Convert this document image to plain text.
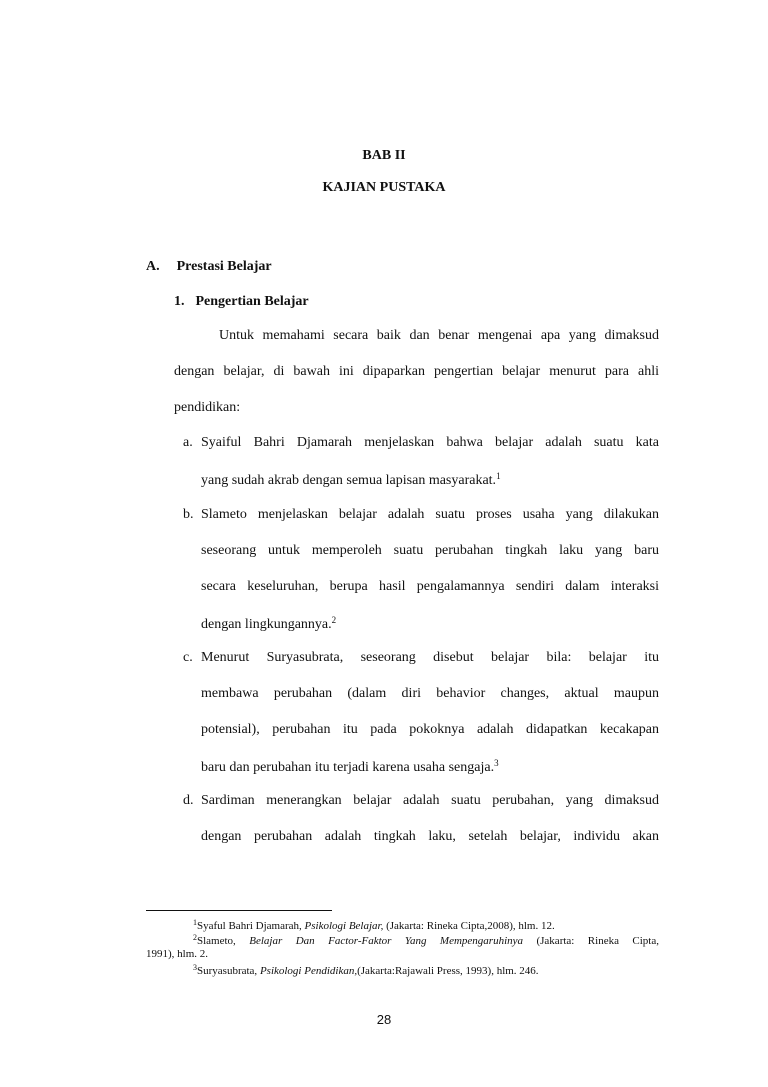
BAB II
KAJIAN PUSTAKA
A. Prestasi Belajar
1. Pengertian Belajar
Untuk memahami secara baik dan benar mengenai apa yang dimaksud
dengan belajar, di bawah ini dipaparkan pengertian belajar menurut para ahli
pendidikan:
a. Syaiful Bahri Djamarah menjelaskan bahwa belajar adalah suatu kata
yang sudah akrab dengan semua lapisan masyarakat.$^1$
b. Slameto menjelaskan belajar adalah suatu proses usaha yang dilakukan
seseorang untuk memperoleh suatu perubahan tingkah laku yang baru
secara keseluruhan, berupa hasil pengalamannya sendiri dalam interaksi
dengan lingkungannya.$^2$
c. Menurut Suryasubrata, seseorang disebut belajar bila: belajar itu
membawa perubahan (dalam diri behavior changes, aktual maupun
potensial), perubahan itu pada pokoknya adalah didapatkan kecakapan
baru dan perubahan itu terjadi karena usaha sengaja.$^3$
d. Sardiman menerangkan belajar adalah suatu perubahan, yang dimaksud
dengan perubahan adalah tingkah laku, setelah belajar, individu akan
$^1$Syaful Bahri Djamarah, Psikologi Belajar, (Jakarta: Rineka Cipta,2008), hlm. 12.
$^2$Slameto, Belajar Dan Factor-Faktor Yang Mempengaruhinya (Jakarta: Rineka Cipta,
1991), hlm. 2.
$^3$Suryasubrata, Psikologi Pendidikan,(Jakarta:Rajawali Press, 1993), hlm. 246.
28
